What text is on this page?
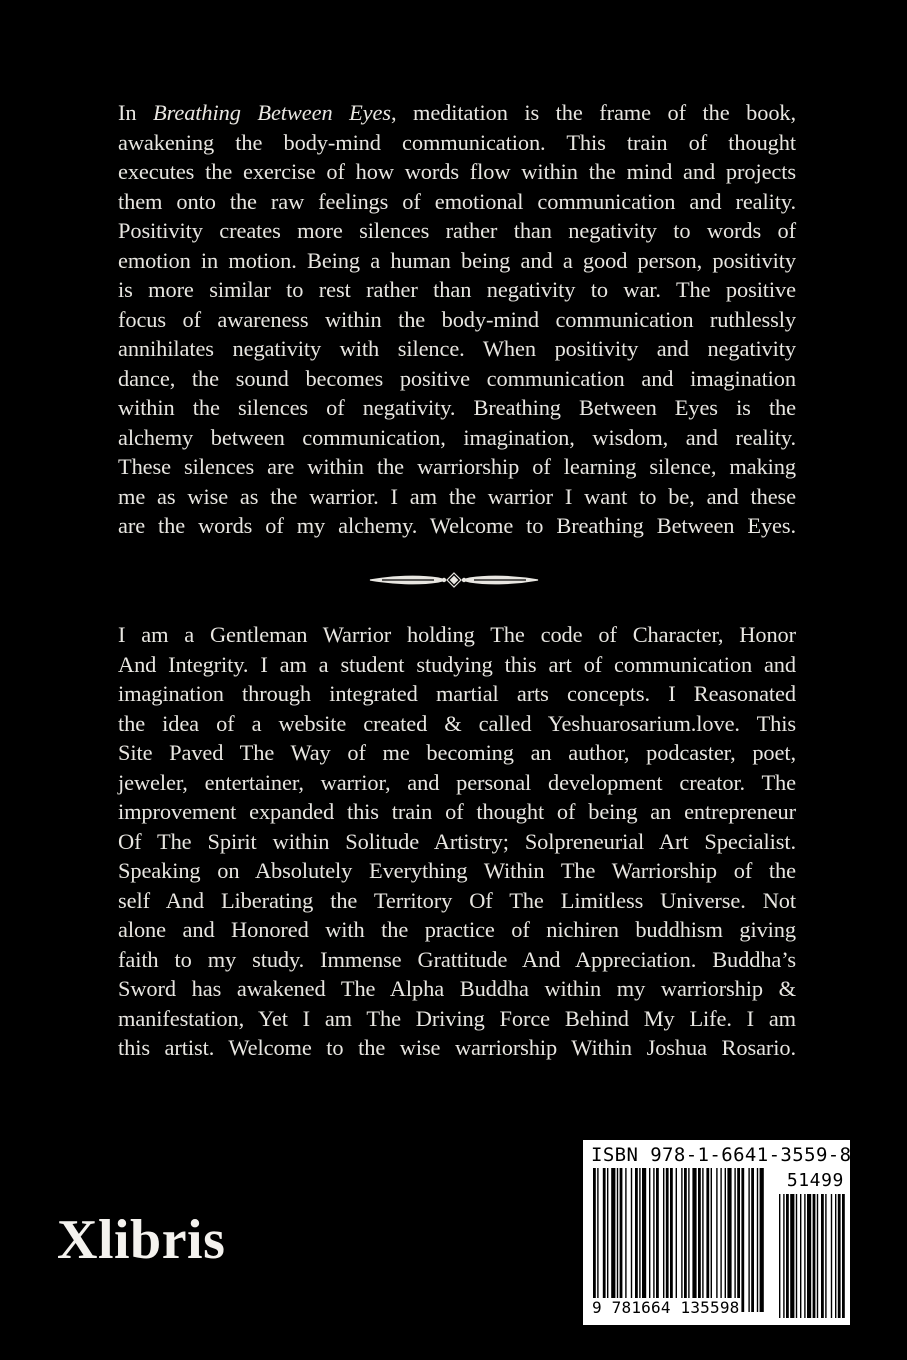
In Breathing Between Eyes, meditation is the frame of the book,
awakening the body-mind communication. This train of thought
executes the exercise of how words flow within the mind and projects
them onto the raw feelings of emotional communication and reality.
Positivity creates more silences rather than negativity to words of
emotion in motion. Being a human being and a good person, positivity
is more similar to rest rather than negativity to war. The positive
focus of awareness within the body-mind communication ruthlessly
annihilates negativity with silence. When positivity and negativity
dance, the sound becomes positive communication and imagination
within the silences of negativity. Breathing Between Eyes is the
alchemy between communication, imagination, wisdom, and reality.
These silences are within the warriorship of learning silence, making
me as wise as the warrior. I am the warrior I want to be, and these
are the words of my alchemy. Welcome to Breathing Between Eyes.
I am a Gentleman Warrior holding The code of Character, Honor
And Integrity. I am a student studying this art of communication and
imagination through integrated martial arts concepts. I Reasonated
the idea of a website created & called Yeshuarosarium.love. This
Site Paved The Way of me becoming an author, podcaster, poet,
jeweler, entertainer, warrior, and personal development creator. The
improvement expanded this train of thought of being an entrepreneur
Of The Spirit within Solitude Artistry; Solpreneurial Art Specialist.
Speaking on Absolutely Everything Within The Warriorship of the
self And Liberating the Territory Of The Limitless Universe. Not
alone and Honored with the practice of nichiren buddhism giving
faith to my study. Immense Grattitude And Appreciation. Buddha’s
Sword has awakened The Alpha Buddha within my warriorship &
manifestation, Yet I am The Driving Force Behind My Life. I am
this artist. Welcome to the wise warriorship Within Joshua Rosario.
Xlibris
ISBN 978-1-6641-3559-8
51499
9 781664 135598
